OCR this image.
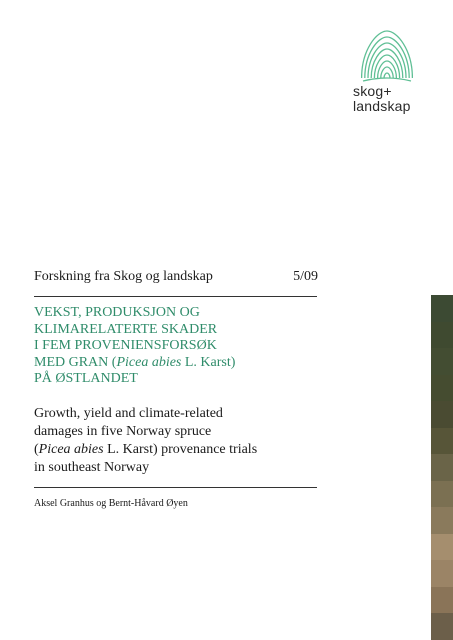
skog+
landskap
Forskning fra Skog og landskap	5/09
VEKST, PRODUKSJON OG
KLIMARELATERTE SKADER
I FEM PROVENIENSFORSØK
MED GRAN (Picea abies L. Karst)
PÅ ØSTLANDET
Growth, yield and climate-related
damages in five Norway spruce
(Picea abies L. Karst) provenance trials
in southeast Norway
Aksel Granhus og Bernt-Håvard Øyen
